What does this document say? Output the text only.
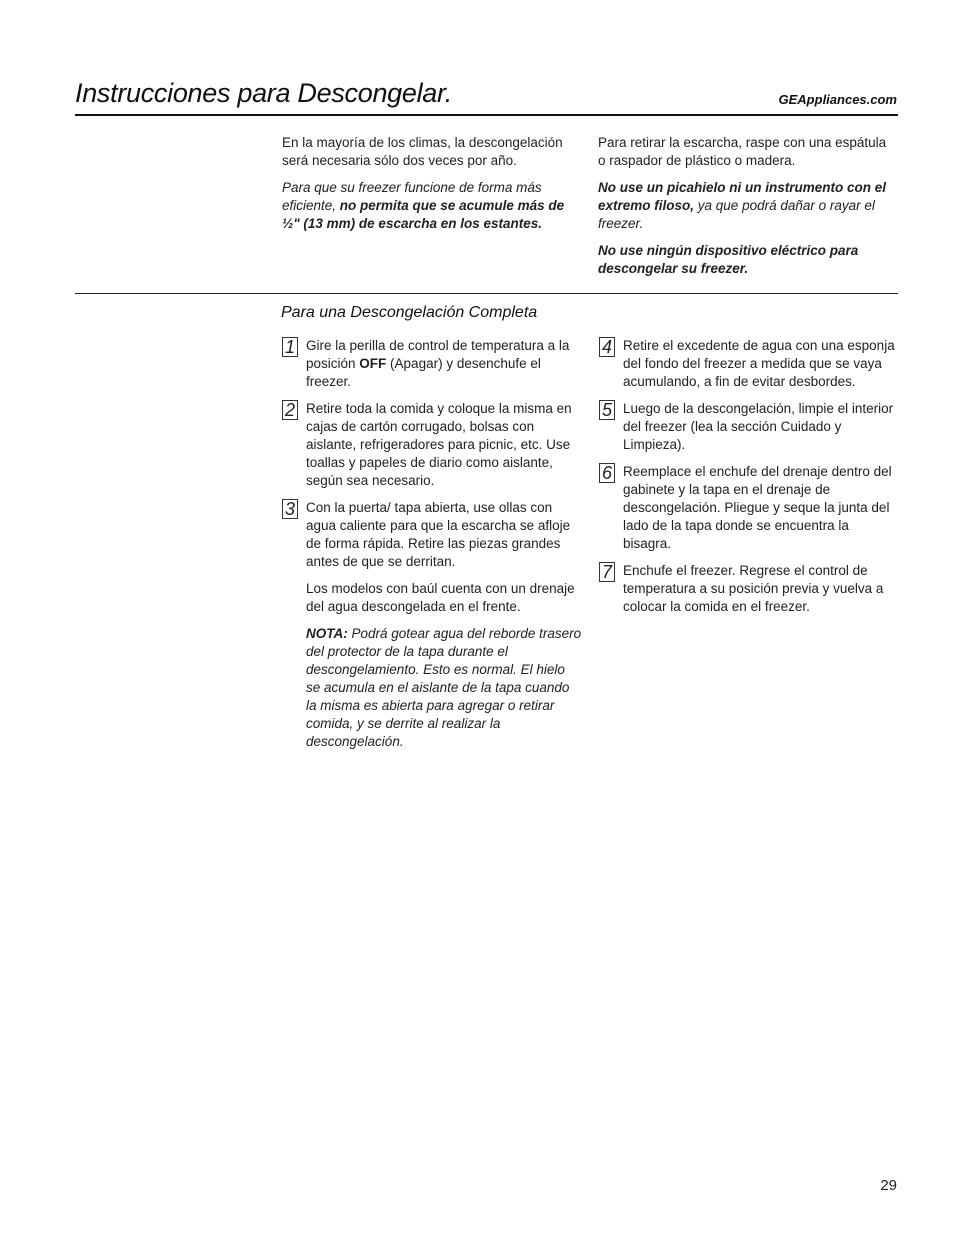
Instrucciones para Descongelar.	GEAppliances.com

En la mayoría de los climas, la descongelación será necesaria sólo dos veces por año.

Para que su freezer funcione de forma más eficiente, no permita que se acumule más de ½" (13 mm) de escarcha en los estantes.

Para retirar la escarcha, raspe con una espátula o raspador de plástico o madera.

No use un picahielo ni un instrumento con el extremo filoso, ya que podrá dañar o rayar el freezer.

No use ningún dispositivo eléctrico para descongelar su freezer.

Para una Descongelación Completa
1 Gire la perilla de control de temperatura a la posición OFF (Apagar) y desenchufe el freezer.
2 Retire toda la comida y coloque la misma en cajas de cartón corrugado, bolsas con aislante, refrigeradores para picnic, etc. Use toallas y papeles de diario como aislante, según sea necesario.
3 Con la puerta/ tapa abierta, use ollas con agua caliente para que la escarcha se afloje de forma rápida. Retire las piezas grandes antes de que se derritan.
Los modelos con baúl cuenta con un drenaje del agua descongelada en el frente.
NOTA: Podrá gotear agua del reborde trasero del protector de la tapa durante el descongelamiento. Esto es normal. El hielo se acumula en el aislante de la tapa cuando la misma es abierta para agregar o retirar comida, y se derrite al realizar la descongelación.
4 Retire el excedente de agua con una esponja del fondo del freezer a medida que se vaya acumulando, a fin de evitar desbordes.
5 Luego de la descongelación, limpie el interior del freezer (lea la sección Cuidado y Limpieza).
6 Reemplace el enchufe del drenaje dentro del gabinete y la tapa en el drenaje de descongelación. Pliegue y seque la junta del lado de la tapa donde se encuentra la bisagra.
7 Enchufe el freezer. Regrese el control de temperatura a su posición previa y vuelva a colocar la comida en el freezer.
29
